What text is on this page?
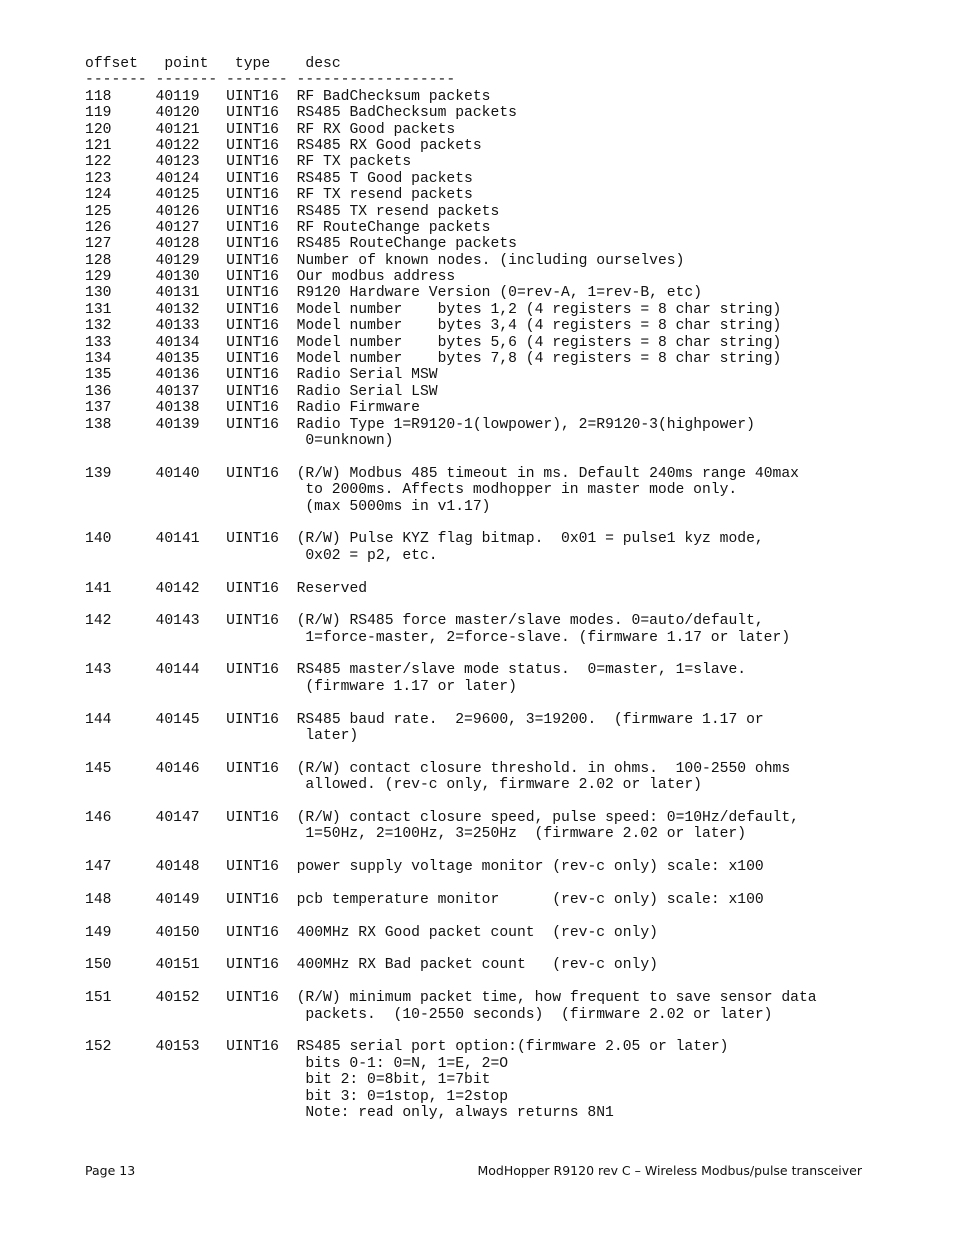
offset point type desc
------- ------- ------- ------------------
118	40119 UINT16 RF BadChecksum packets
119	40120 UINT16 RS485 BadChecksum packets
120	40121 UINT16 RF RX Good packets
121	40122 UINT16 RS485 RX Good packets
122	40123 UINT16 RF TX packets
123	40124 UINT16 RS485 T Good packets
124	40125 UINT16 RF TX resend packets
125	40126 UINT16 RS485 TX resend packets
126	40127 UINT16 RF RouteChange packets
127	40128 UINT16 RS485 RouteChange packets
128	40129 UINT16 Number of known nodes. (including ourselves)
129	40130 UINT16 Our modbus address
130	40131 UINT16 R9120 Hardware Version (0=rev-A, 1=rev-B, etc)
131	40132 UINT16 Model number    bytes 1,2 (4 registers = 8 char string)
132	40133 UINT16 Model number    bytes 3,4 (4 registers = 8 char string)
133	40134 UINT16 Model number    bytes 5,6 (4 registers = 8 char string)
134	40135 UINT16 Model number    bytes 7,8 (4 registers = 8 char string)
135	40136 UINT16 Radio Serial MSW
136	40137 UINT16 Radio Serial LSW
137	40138 UINT16 Radio Firmware
138	40139 UINT16 Radio Type 1=R9120-1(lowpower), 2=R9120-3(highpower)
0=unknown)

139	40140 UINT16 (R/W) Modbus 485 timeout in ms. Default 240ms range 40max
to 2000ms. Affects modhopper in master mode only.
(max 5000ms in v1.17)

140	40141 UINT16 (R/W) Pulse KYZ flag bitmap.  0x01 = pulse1 kyz mode,
0x02 = p2, etc.

141	40142 UINT16 Reserved

142	40143 UINT16 (R/W) RS485 force master/slave modes. 0=auto/default,
1=force-master, 2=force-slave. (firmware 1.17 or later)

143	40144 UINT16 RS485 master/slave mode status.  0=master, 1=slave.
(firmware 1.17 or later)

144	40145 UINT16 RS485 baud rate.  2=9600, 3=19200.  (firmware 1.17 or
later)

145	40146 UINT16 (R/W) contact closure threshold. in ohms.  100-2550 ohms
allowed. (rev-c only, firmware 2.02 or later)

146	40147 UINT16 (R/W) contact closure speed, pulse speed: 0=10Hz/default,
1=50Hz, 2=100Hz, 3=250Hz  (firmware 2.02 or later)

147	40148 UINT16 power supply voltage monitor (rev-c only) scale: x100

148	40149 UINT16 pcb temperature monitor      (rev-c only) scale: x100

149	40150 UINT16 400MHz RX Good packet count  (rev-c only)

150	40151 UINT16 400MHz RX Bad packet count   (rev-c only)

151	40152 UINT16 (R/W) minimum packet time, how frequent to save sensor data
packets.  (10-2550 seconds)  (firmware 2.02 or later)

152	40153 UINT16 RS485 serial port option:(firmware 2.05 or later)
bits 0-1: 0=N, 1=E, 2=O
bit 2: 0=8bit, 1=7bit
bit 3: 0=1stop, 1=2stop
Note: read only, always returns 8N1
Page 13	ModHopper R9120 rev C – Wireless Modbus/pulse transceiver
